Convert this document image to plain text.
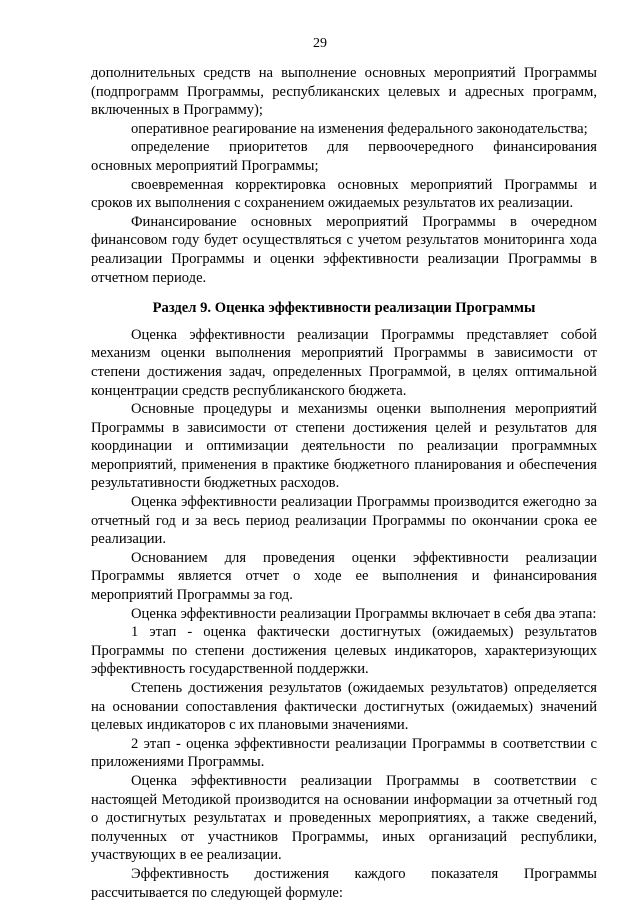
29

дополнительных средств на выполнение основных мероприятий Программы (подпрограмм Программы, республиканских целевых и адресных программ, включенных в Программу);

оперативное реагирование на изменения федерального законодательства;

определение приоритетов для первоочередного финансирования основных мероприятий Программы;

своевременная корректировка основных мероприятий Программы и сроков их выполнения с сохранением ожидаемых результатов их реализации.

Финансирование основных мероприятий Программы в очередном финансовом году будет осуществляться с учетом результатов мониторинга хода реализации Программы и оценки эффективности реализации Программы в отчетном периоде.

Раздел 9. Оценка эффективности реализации Программы

Оценка эффективности реализации Программы представляет собой механизм оценки выполнения мероприятий Программы в зависимости от степени достижения задач, определенных Программой, в целях оптимальной концентрации средств республиканского бюджета.

Основные процедуры и механизмы оценки выполнения мероприятий Программы в зависимости от степени достижения целей и результатов для координации и оптимизации деятельности по реализации программных мероприятий, применения в практике бюджетного планирования и обеспечения результативности бюджетных расходов.

Оценка эффективности реализации Программы производится ежегодно за отчетный год и за весь период реализации Программы по окончании срока ее реализации.

Основанием для проведения оценки эффективности реализации Программы является отчет о ходе ее выполнения и финансирования мероприятий Программы за год.

Оценка эффективности реализации Программы включает в себя два этапа:

1 этап - оценка фактически достигнутых (ожидаемых) результатов Программы по степени достижения целевых индикаторов, характеризующих эффективность государственной поддержки.

Степень достижения результатов (ожидаемых результатов) определяется на основании сопоставления фактически достигнутых (ожидаемых) значений целевых индикаторов с их плановыми значениями.

2 этап - оценка эффективности реализации Программы в соответствии с приложениями Программы.

Оценка эффективности реализации Программы в соответствии с настоящей Методикой производится на основании информации за отчетный год о достигнутых результатах и проведенных мероприятиях, а также сведений, полученных от участников Программы, иных организаций республики, участвующих в ее реализации.

Эффективность достижения каждого показателя Программы рассчитывается по следующей формуле:
